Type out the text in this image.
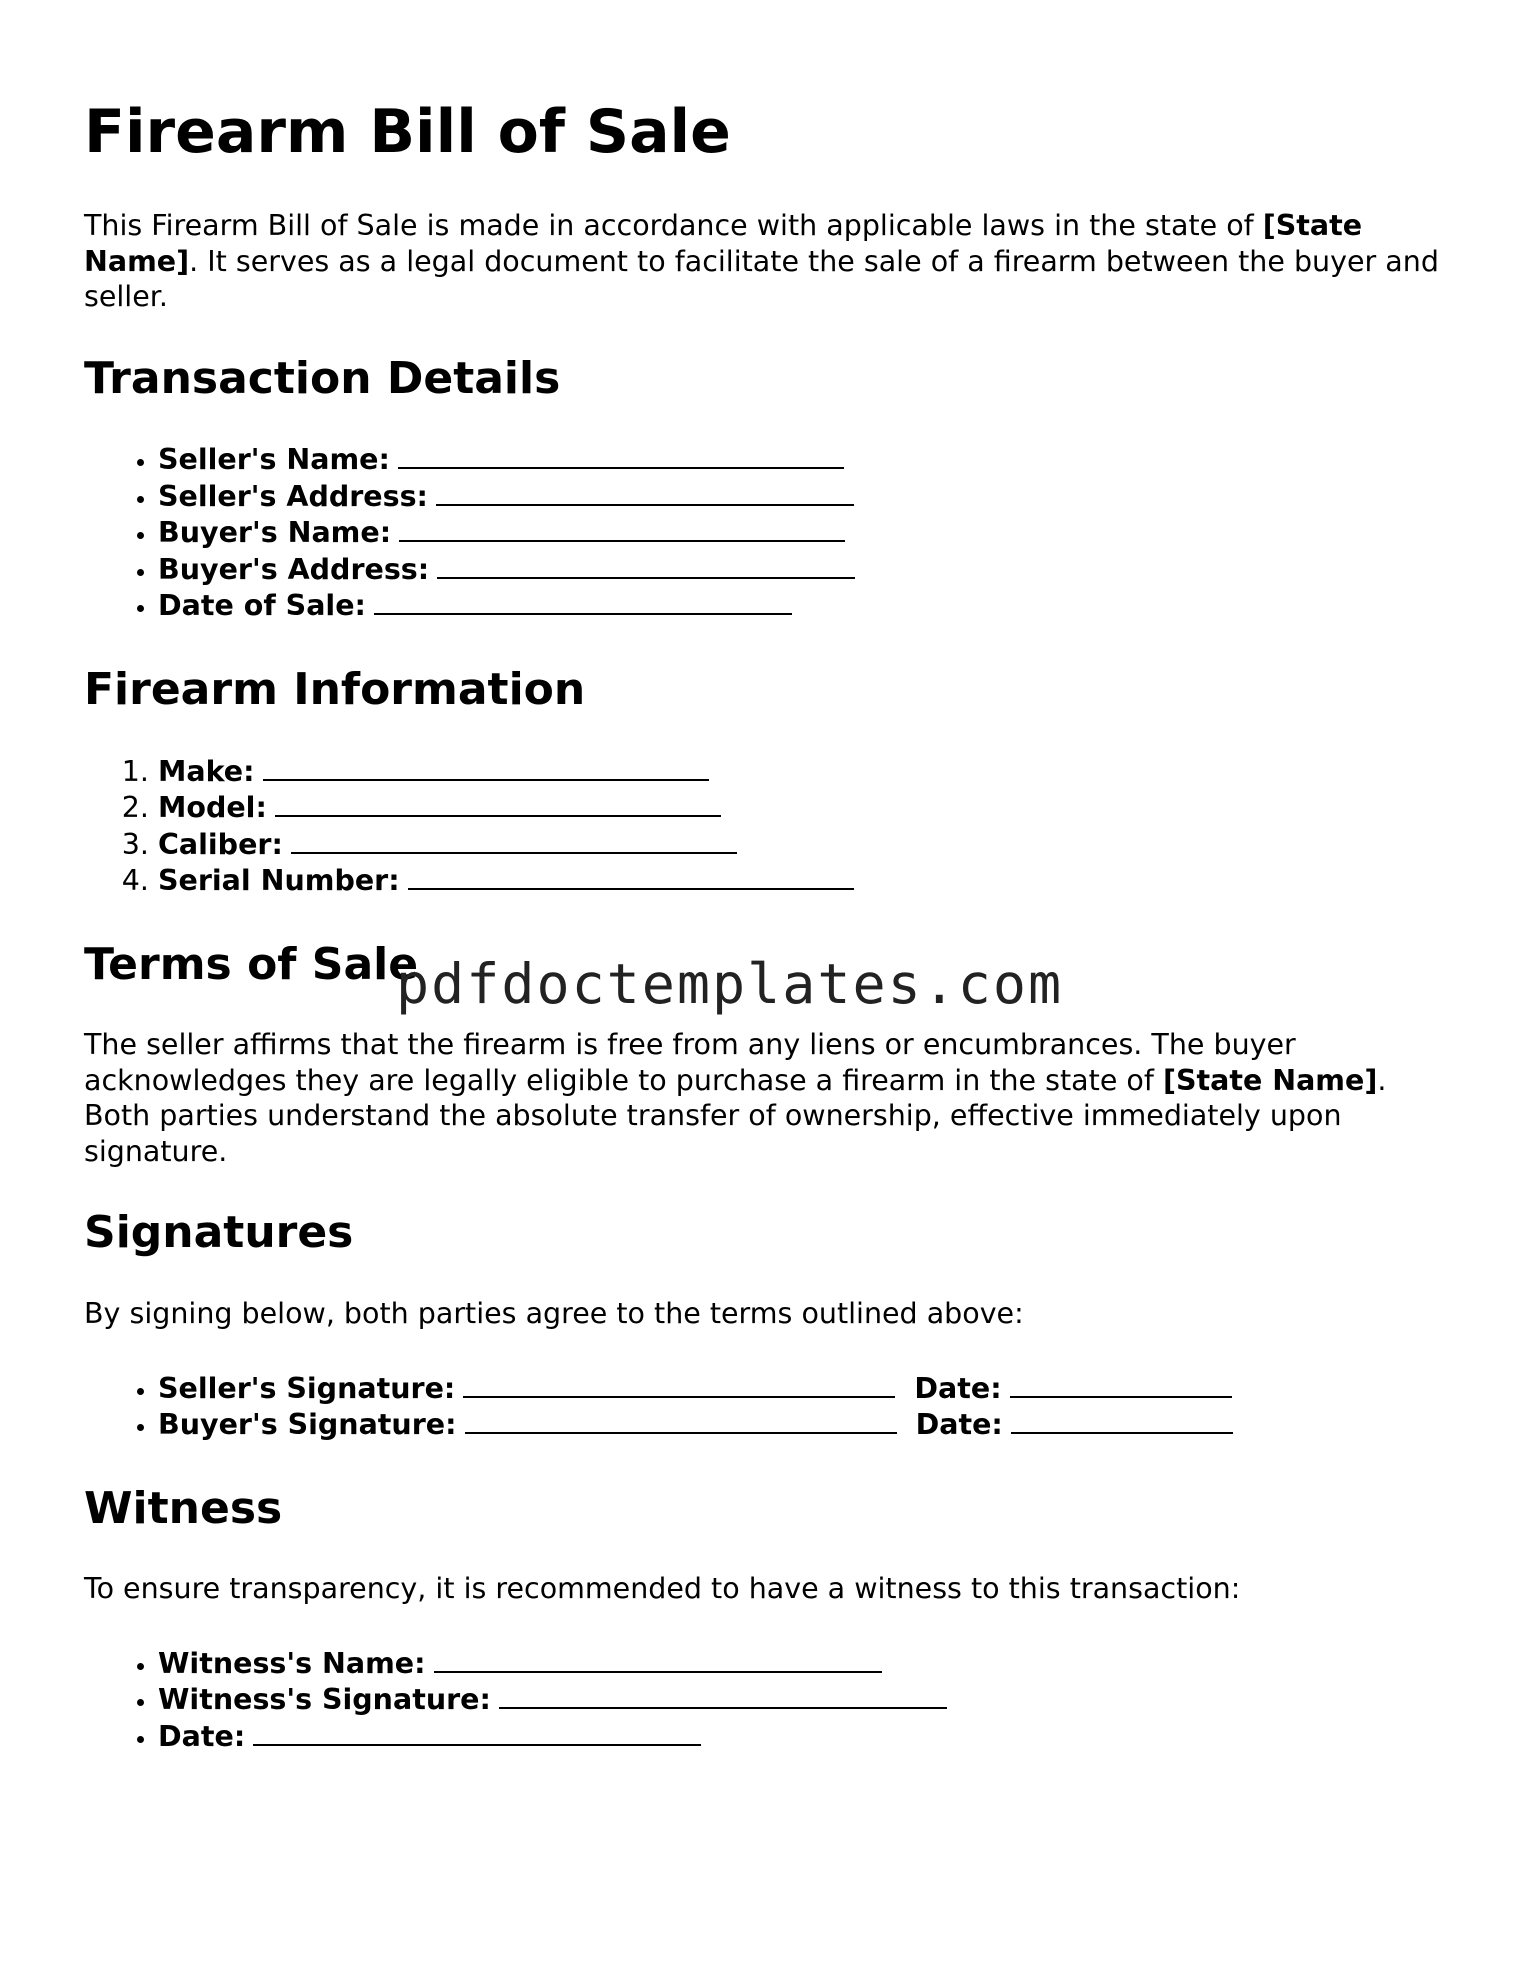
Firearm Bill of Sale

This Firearm Bill of Sale is made in accordance with applicable laws in the state of [State Name]. It serves as a legal document to facilitate the sale of a firearm between the buyer and seller.

Transaction Details
• Seller's Name:
• Seller's Address:
• Buyer's Name:
• Buyer's Address:
• Date of Sale:
Firearm Information
1. Make:
2. Model:
3. Caliber:
4. Serial Number:
Terms of Sale

The seller affirms that the firearm is free from any liens or encumbrances. The buyer acknowledges they are legally eligible to purchase a firearm in the state of [State Name]. Both parties understand the absolute transfer of ownership, effective immediately upon signature.

Signatures

By signing below, both parties agree to the terms outlined above:

• Seller's Signature:	Date:
• Buyer's Signature:	Date:
Witness

To ensure transparency, it is recommended to have a witness to this transaction:

• Witness's Name:
• Witness's Signature:
• Date:
pdfdoctemplates.com
